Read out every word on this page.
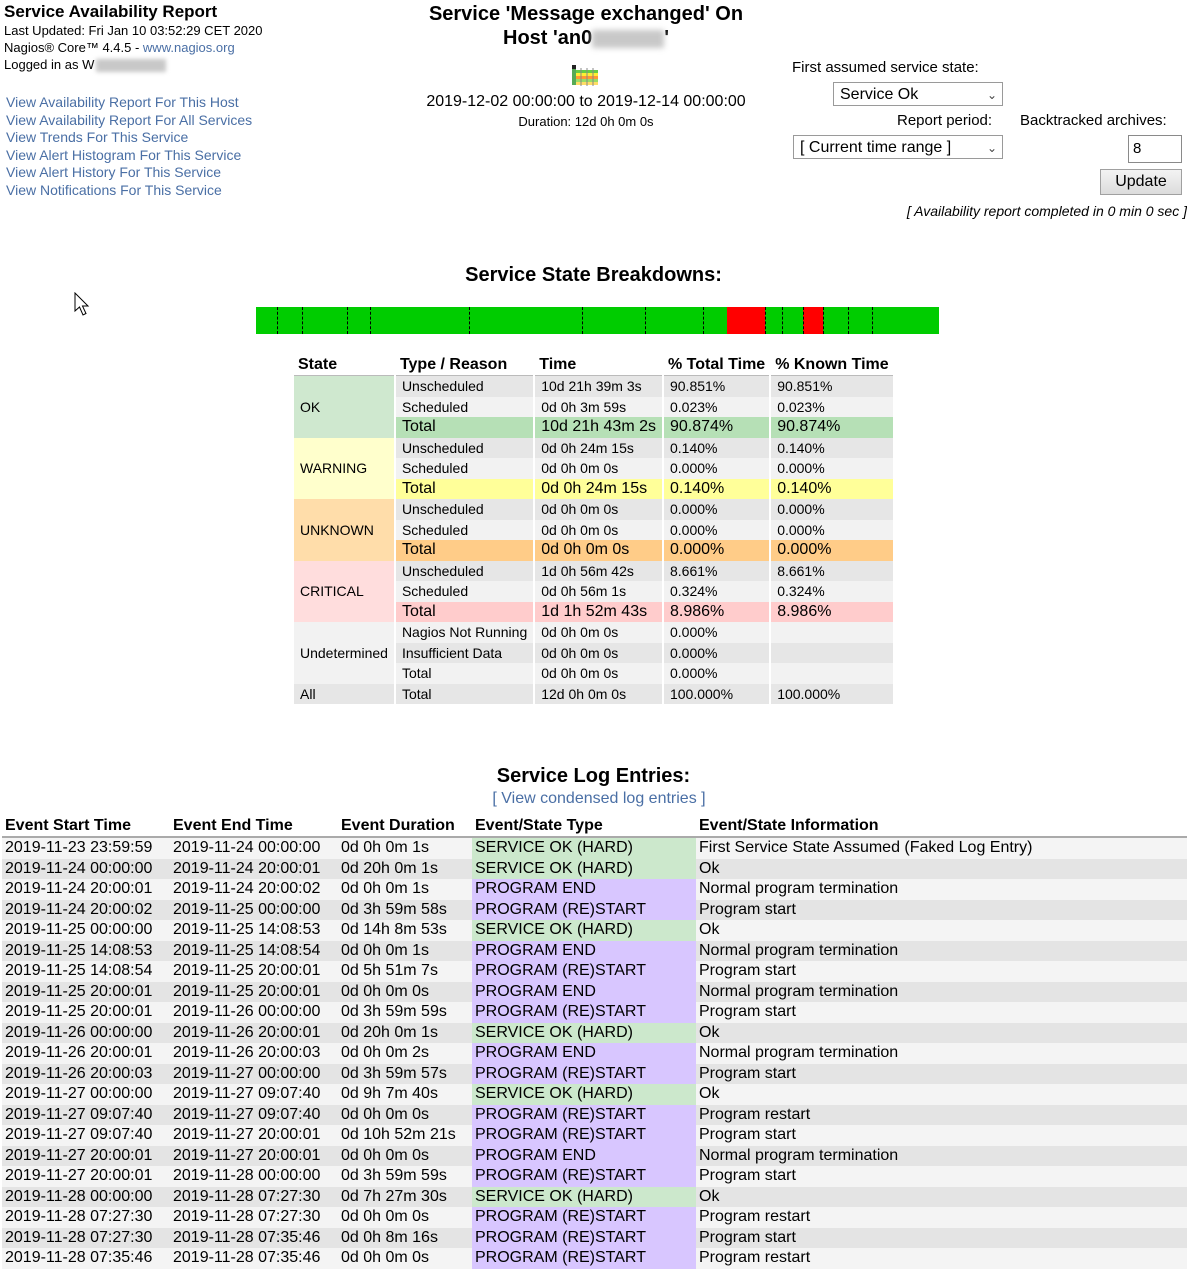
Service Availability Report
Last Updated: Fri Jan 10 03:52:29 CET 2020
Nagios® Core™ 4.4.5 - www.nagios.org
Logged in as W
View Availability Report For This Host
View Availability Report For All Services
View Trends For This Service
View Alert Histogram For This Service
View Alert History For This Service
View Notifications For This Service
Service 'Message exchanged' On
Host 'an0	'
2019-12-02 00:00:00 to 2019-12-14 00:00:00
Duration: 12d 0h 0m 0s
First assumed service state:
Service Ok	⌄
Report period: Backtracked archives:
[ Current time range ]	⌄	8
Update
[ Availability report completed in 0 min 0 sec ]
Service State Breakdowns:
State	Type / Reason	Time	% Total Time	% Known Time
OK	Unscheduled	10d 21h 39m 3s	90.851%	90.851%
	Scheduled	0d 0h 3m 59s	0.023%	0.023%
	Total	10d 21h 43m 2s	90.874%	90.874%
WARNING	Unscheduled	0d 0h 24m 15s	0.140%	0.140%
	Scheduled	0d 0h 0m 0s	0.000%	0.000%
	Total	0d 0h 24m 15s	0.140%	0.140%
UNKNOWN	Unscheduled	0d 0h 0m 0s	0.000%	0.000%
	Scheduled	0d 0h 0m 0s	0.000%	0.000%
	Total	0d 0h 0m 0s	0.000%	0.000%
CRITICAL	Unscheduled	1d 0h 56m 42s	8.661%	8.661%
	Scheduled	0d 0h 56m 1s	0.324%	0.324%
	Total	1d 1h 52m 43s	8.986%	8.986%
Undetermined	Nagios Not Running	0d 0h 0m 0s	0.000%	
	Insufficient Data	0d 0h 0m 0s	0.000%	
	Total	0d 0h 0m 0s	0.000%	
All	Total	12d 0h 0m 0s	100.000%	100.000%
Service Log Entries:
[ View condensed log entries ]
Event Start Time	Event End Time	Event Duration	Event/State Type	Event/State Information
2019-11-23 23:59:59	2019-11-24 00:00:00	0d 0h 0m 1s	SERVICE OK (HARD)	First Service State Assumed (Faked Log Entry)
2019-11-24 00:00:00	2019-11-24 20:00:01	0d 20h 0m 1s	SERVICE OK (HARD)	Ok
2019-11-24 20:00:01	2019-11-24 20:00:02	0d 0h 0m 1s	PROGRAM END	Normal program termination
2019-11-24 20:00:02	2019-11-25 00:00:00	0d 3h 59m 58s	PROGRAM (RE)START	Program start
2019-11-25 00:00:00	2019-11-25 14:08:53	0d 14h 8m 53s	SERVICE OK (HARD)	Ok
2019-11-25 14:08:53	2019-11-25 14:08:54	0d 0h 0m 1s	PROGRAM END	Normal program termination
2019-11-25 14:08:54	2019-11-25 20:00:01	0d 5h 51m 7s	PROGRAM (RE)START	Program start
2019-11-25 20:00:01	2019-11-25 20:00:01	0d 0h 0m 0s	PROGRAM END	Normal program termination
2019-11-25 20:00:01	2019-11-26 00:00:00	0d 3h 59m 59s	PROGRAM (RE)START	Program start
2019-11-26 00:00:00	2019-11-26 20:00:01	0d 20h 0m 1s	SERVICE OK (HARD)	Ok
2019-11-26 20:00:01	2019-11-26 20:00:03	0d 0h 0m 2s	PROGRAM END	Normal program termination
2019-11-26 20:00:03	2019-11-27 00:00:00	0d 3h 59m 57s	PROGRAM (RE)START	Program start
2019-11-27 00:00:00	2019-11-27 09:07:40	0d 9h 7m 40s	SERVICE OK (HARD)	Ok
2019-11-27 09:07:40	2019-11-27 09:07:40	0d 0h 0m 0s	PROGRAM (RE)START	Program restart
2019-11-27 09:07:40	2019-11-27 20:00:01	0d 10h 52m 21s	PROGRAM (RE)START	Program start
2019-11-27 20:00:01	2019-11-27 20:00:01	0d 0h 0m 0s	PROGRAM END	Normal program termination
2019-11-27 20:00:01	2019-11-28 00:00:00	0d 3h 59m 59s	PROGRAM (RE)START	Program start
2019-11-28 00:00:00	2019-11-28 07:27:30	0d 7h 27m 30s	SERVICE OK (HARD)	Ok
2019-11-28 07:27:30	2019-11-28 07:27:30	0d 0h 0m 0s	PROGRAM (RE)START	Program restart
2019-11-28 07:27:30	2019-11-28 07:35:46	0d 0h 8m 16s	PROGRAM (RE)START	Program start
2019-11-28 07:35:46	2019-11-28 07:35:46	0d 0h 0m 0s	PROGRAM (RE)START	Program restart
